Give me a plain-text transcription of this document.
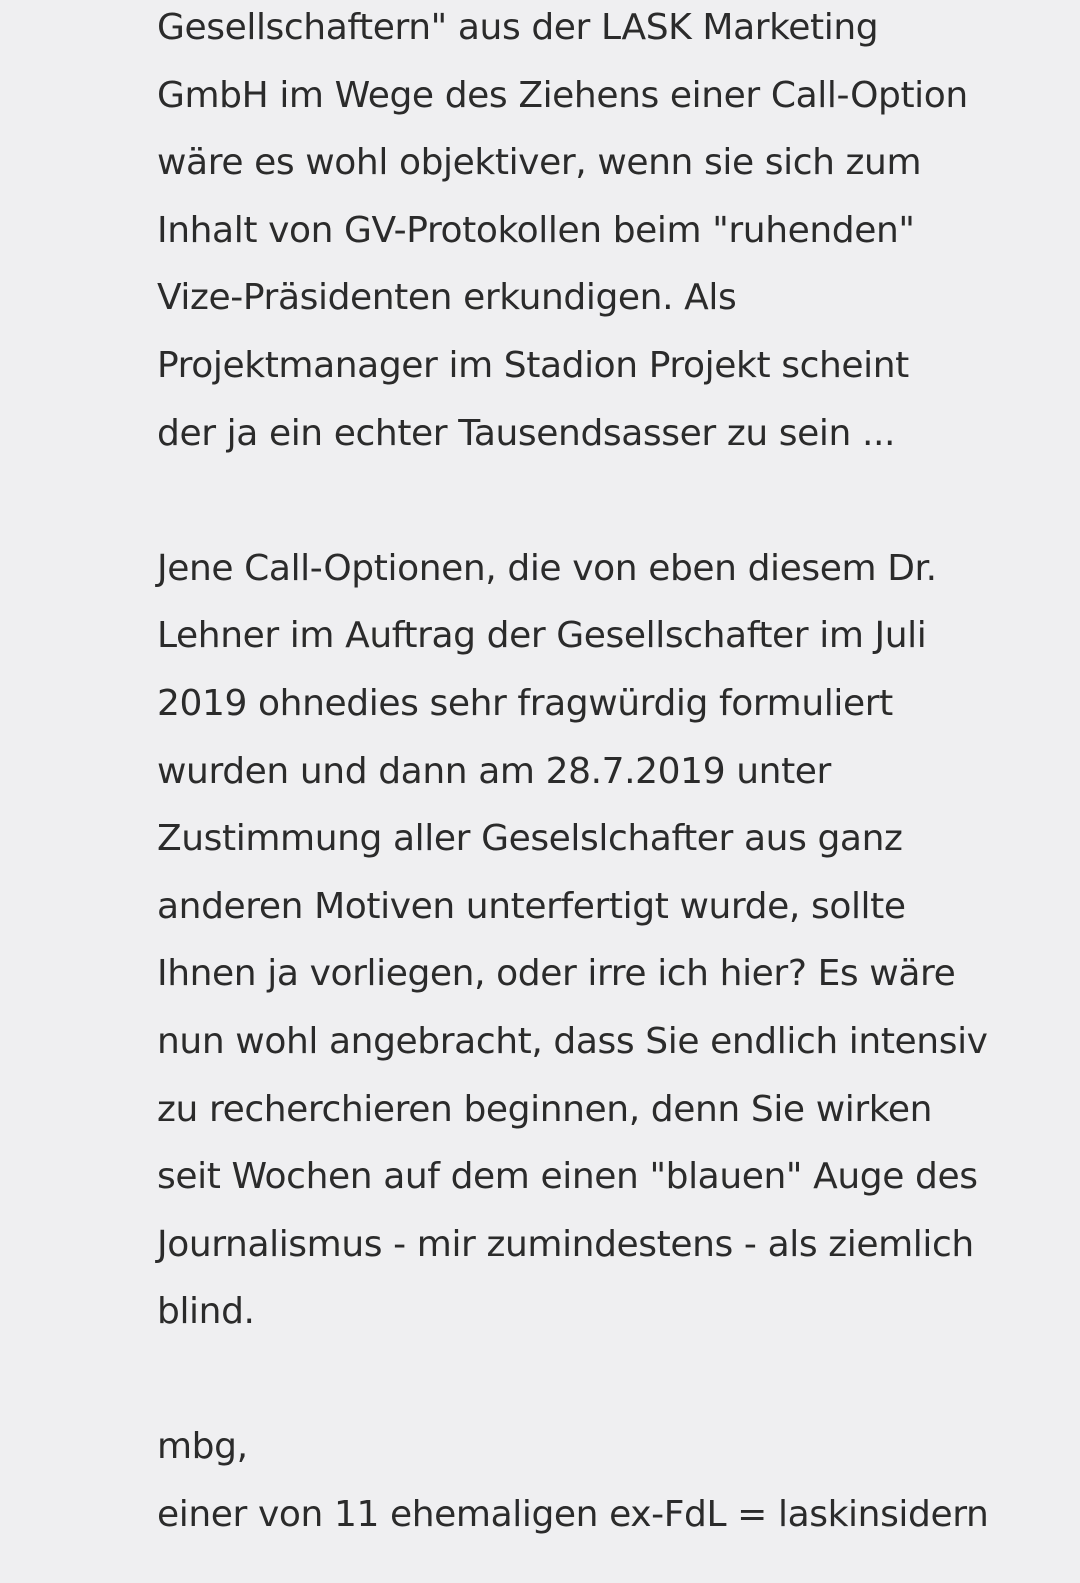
Gesellschaftern" aus der LASK Marketing
GmbH im Wege des Ziehens einer Call-Option
wäre es wohl objektiver, wenn sie sich zum
Inhalt von GV-Protokollen beim "ruhenden"
Vize-Präsidenten erkundigen. Als
Projektmanager im Stadion Projekt scheint
der ja ein echter Tausendsasser zu sein ...
Jene Call-Optionen, die von eben diesem Dr.
Lehner im Auftrag der Gesellschafter im Juli
2019 ohnedies sehr fragwürdig formuliert
wurden und dann am 28.7.2019 unter
Zustimmung aller Geselslchafter aus ganz
anderen Motiven unterfertigt wurde, sollte
Ihnen ja vorliegen, oder irre ich hier? Es wäre
nun wohl angebracht, dass Sie endlich intensiv
zu recherchieren beginnen, denn Sie wirken
seit Wochen auf dem einen "blauen" Auge des
Journalismus - mir zumindestens - als ziemlich
blind.
mbg,
einer von 11 ehemaligen ex-FdL = laskinsidern
